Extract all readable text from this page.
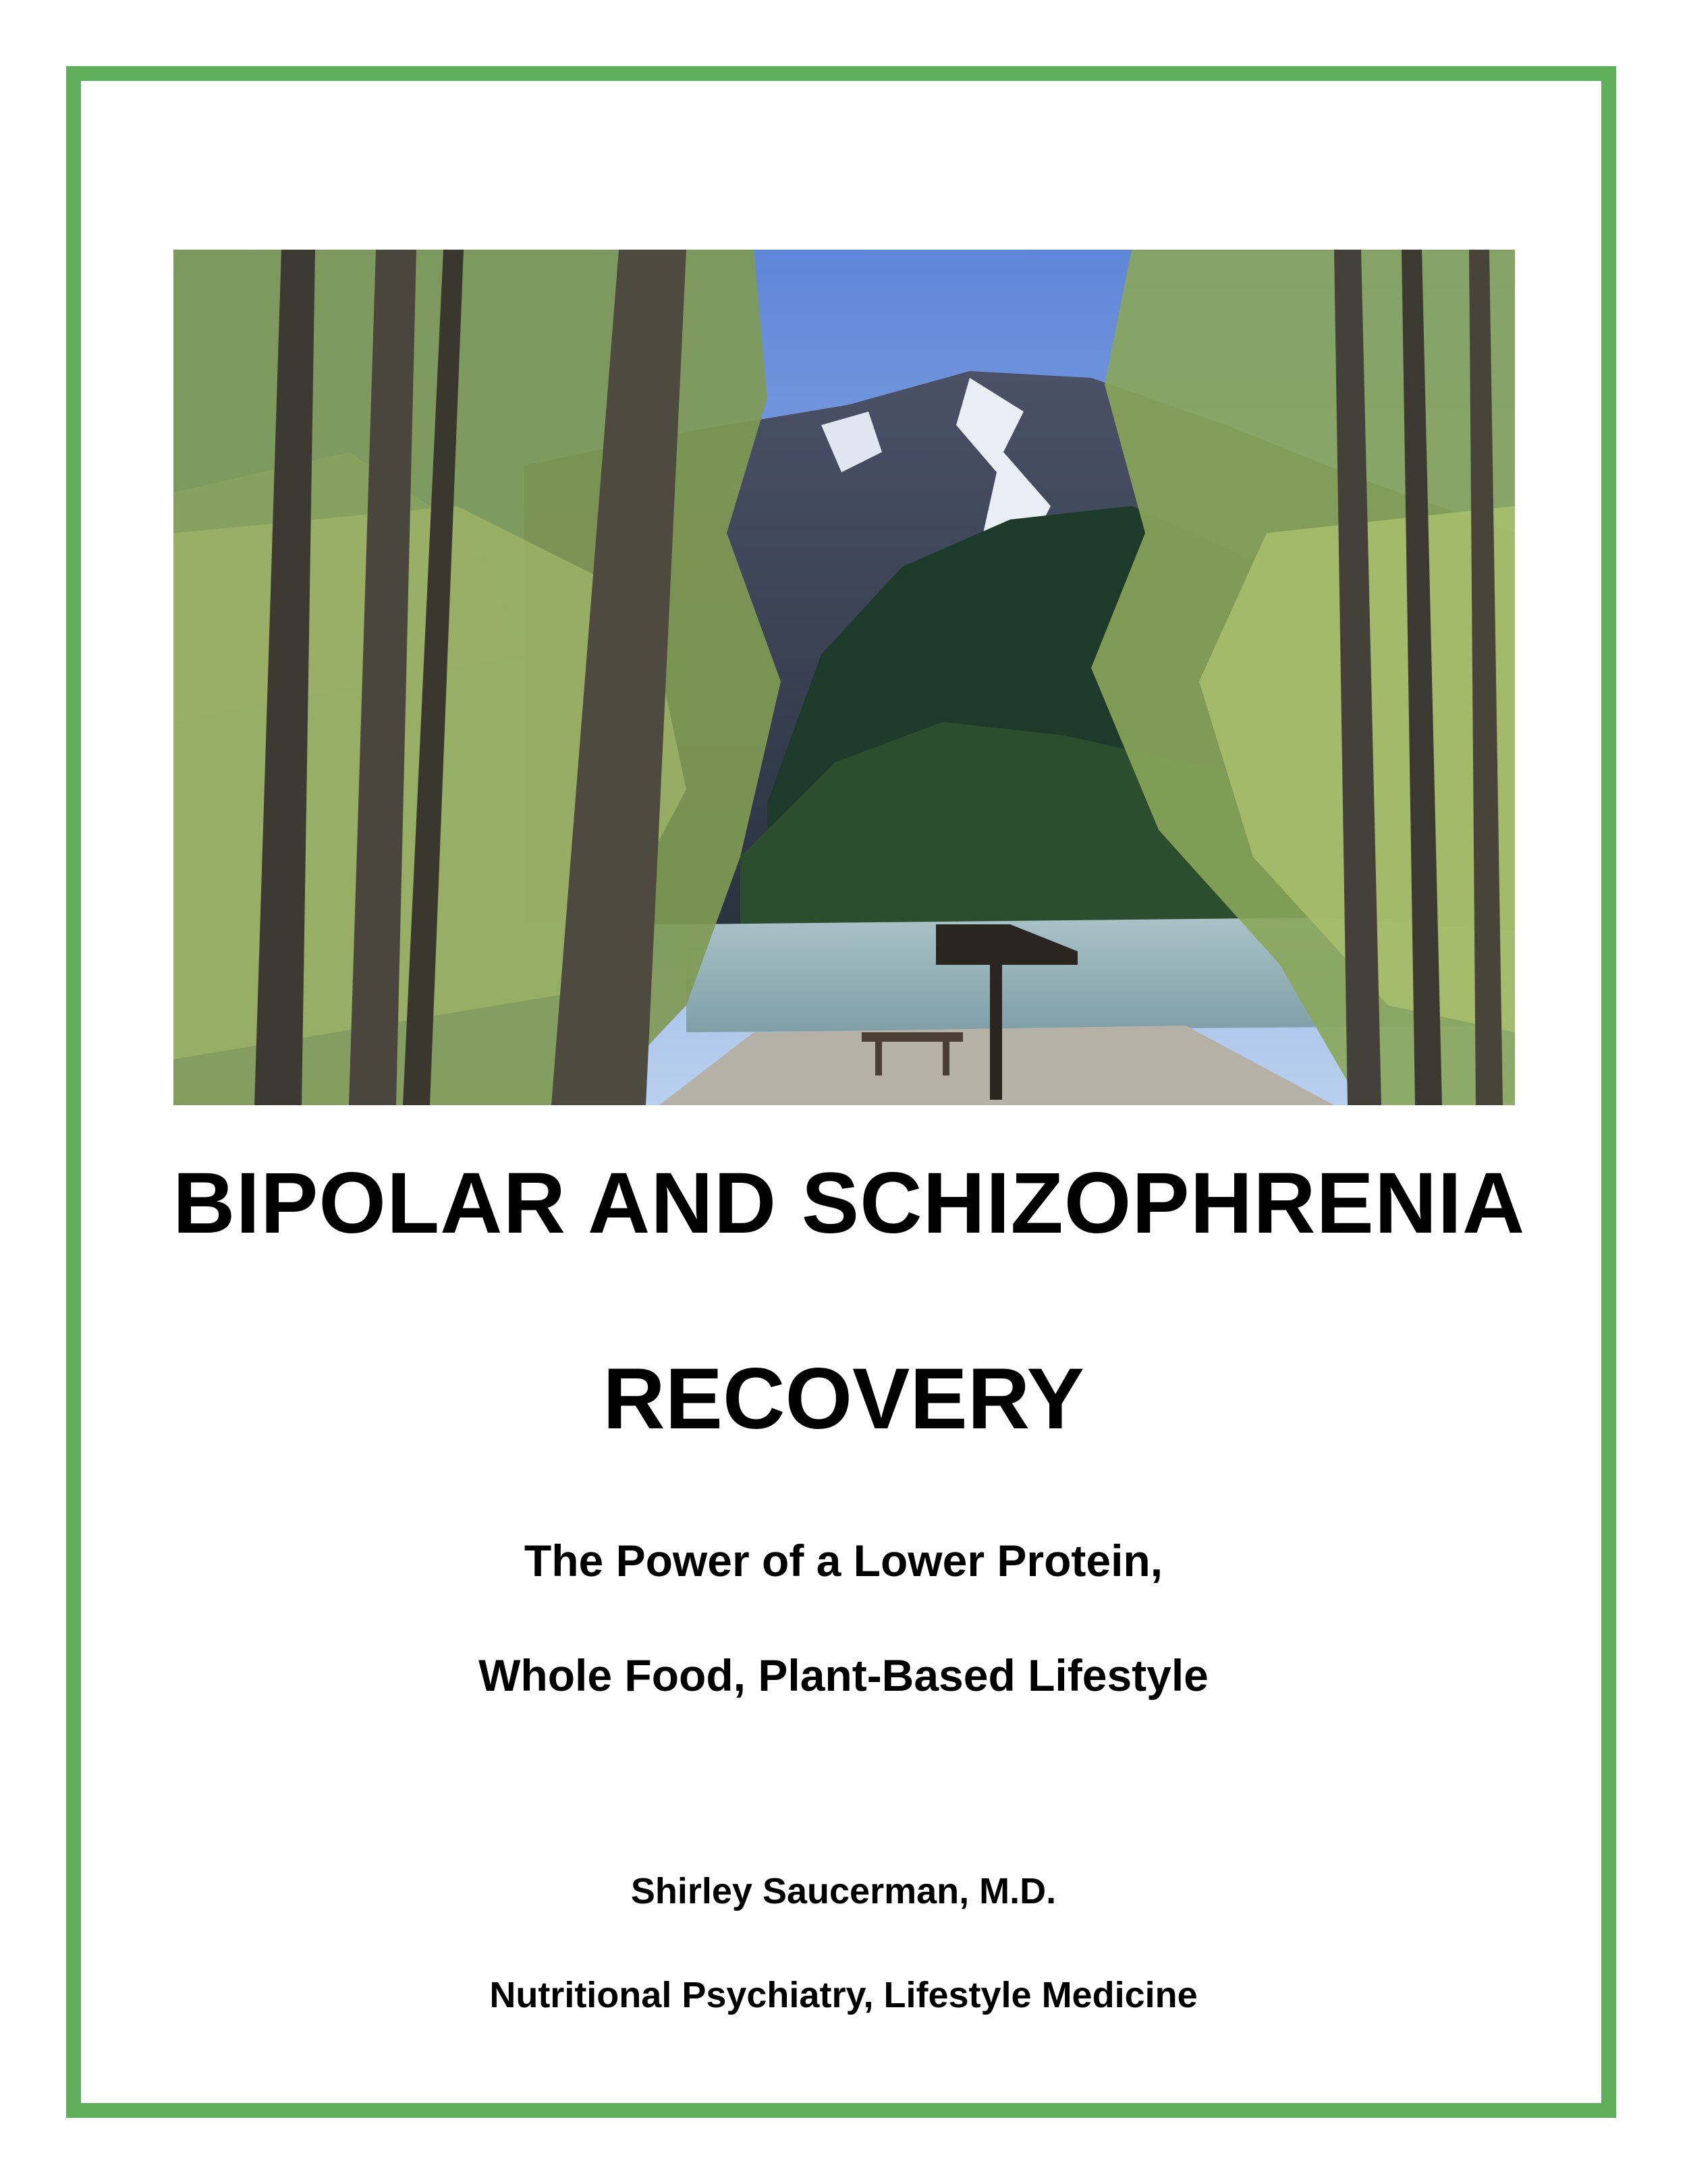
BIPOLAR AND SCHIZOPHRENIA
RECOVERY
The Power of a Lower Protein,
Whole Food, Plant-Based Lifestyle
Shirley Saucerman, M.D.
Nutritional Psychiatry, Lifestyle Medicine
